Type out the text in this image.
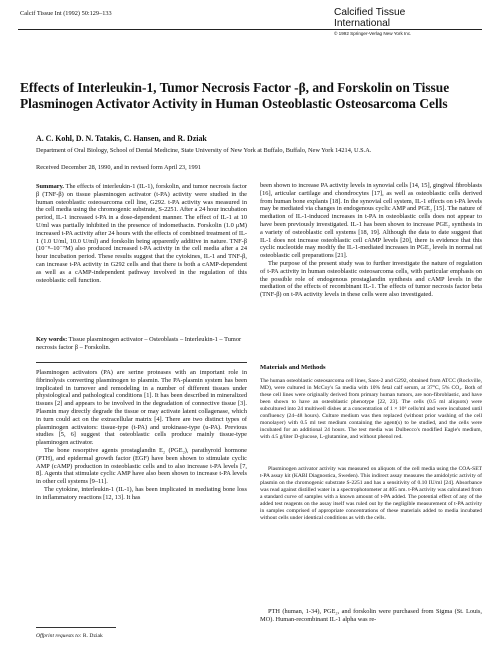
Calcif Tissue Int (1992) 50:129–133	Calcified Tissue
International
© 1992 Springer-Verlag New York Inc.
Effects of Interleukin-1, Tumor Necrosis Factor -β, and Forskolin on Tissue Plasminogen Activator Activity in Human Osteoblastic Osteosarcoma Cells
A. C. Kohl, D. N. Tatakis, C. Hansen, and R. Dziak
Department of Oral Biology, School of Dental Medicine, State University of New York at Buffalo, Buffalo, New York 14214, U.S.A.
Received December 28, 1990, and in revised form April 23, 1991

Summary. The effects of interleukin-1 (IL-1), forskolin, and tumor necrosis factor β (TNF-β) on tissue plasminogen activator (t-PA) activity were studied in the human osteoblastic osteosarcoma cell line, G292. t-PA activity was measured in the cell media using the chromogenic substrate, S-2251. After a 24 hour incubation period, IL-1 increased t-PA in a dose-dependent manner. The effect of IL-1 at 10 U/ml was partially inhibited in the presence of indomethacin. Forskolin (1.0 μM) increased t-PA activity after 24 hours with the effects of combined treatment of IL-1 (1.0 U/ml, 10.0 U/ml) and forskolin being apparently additive in nature. TNF-β (10⁻⁸–10⁻⁷M) also produced increased t-PA activity in the cell media after a 24 hour incubation period. These results suggest that the cytokines, IL-1 and TNF-β, can increase t-PA activity in G292 cells and that there is both a cAMP-dependent as well as a cAMP-independent pathway involved in the regulation of this osteoblastic cell function.

Key words: Tissue plasminogen activator – Osteoblasts – Interleukin-1 – Tumor necrosis factor β – Forskolin.

Plasminogen activators (PA) are serine proteases with an important role in fibrinolysis converting plasminogen to plasmin. The PA-plasmin system has been implicated in turnover and remodeling in a number of different tissues under physiological and pathological conditions [1]. It has been described in mineralized tissues [2] and appears to be involved in the degradation of connective tissue [3]. Plasmin may directly degrade the tissue or may activate latent collagenase, which in turn could act on the extracellular matrix [4]. There are two distinct types of plasminogen activators: tissue-type (t-PA) and urokinase-type (u-PA). Previous studies [5, 6] suggest that osteoblastic cells produce mainly tissue-type plasminogen activator.

The bone resorptive agents prostaglandin E₂ (PGE₂), parathyroid hormone (PTH), and epidermal growth factor (EGF) have been shown to stimulate cyclic AMP (cAMP) production in osteoblastic cells and to also increase t-PA levels [7, 8]. Agents that stimulate cyclic AMP have also been shown to increase t-PA levels in other cell systems [9–11].

The cytokine, interleukin-1 (IL-1), has been implicated in mediating bone loss in inflammatory reactions [12, 13]. It has

been shown to increase PA activity levels in synovial cells [14, 15], gingival fibroblasts [16], articular cartilage and chondrocytes [17], as well as osteoblastic cells derived from human bone explants [18]. In the synovial cell system, IL-1 effects on t-PA levels may be mediated via changes in endogenous cyclic AMP and PGE₂ [15]. The nature of mediation of IL-1-induced increases in t-PA in osteoblastic cells does not appear to have been previously investigated. IL-1 has been shown to increase PGE₂ synthesis in a variety of osteoblastic cell systems [18, 19]. Although the data to date suggest that IL-1 does not increase osteoblastic cell cAMP levels [20], there is evidence that this cyclic nucleotide may modify the IL-1-mediated increases in PGE₂ levels in normal rat osteoblastic cell preparations [21].

The purpose of the present study was to further investigate the nature of regulation of t-PA activity in human osteoblastic osteosarcoma cells, with particular emphasis on the possible role of endogenous prostaglandin synthesis and cAMP levels in the mediation of the effects of recombinant IL-1. The effects of tumor necrosis factor beta (TNF-β) on t-PA activity levels in these cells were also investigated.

Materials and Methods

The human osteoblastic osteosarcoma cell lines, Saos-2 and G292, obtained from ATCC (Rockville, MD), were cultured in McCoy's 5a media with 10% fetal calf serum, at 37°C, 5% CO₂. Both of these cell lines were originally derived from primary human tumors, are non-fibroblastic, and have been shown to have an osteoblastic phenotype [22, 23]. The cells (0.5 ml aliquots) were subcultured into 24 multiwell dishes at a concentration of 1 × 10⁶ cells/ml and were incubated until confluency (24–48 hours). Culture medium was then replaced (without prior washing of the cell monolayer) with 0.5 ml test medium containing the agent(s) to be studied, and the cells were incubated for an additional 24 hours. The test media was Dulbecco's modified Eagle's medium, with 4.5 g/liter D-glucose, L-glutamine, and without phenol red.

Plasminogen activator activity was measured on aliquots of the cell media using the COA-SET t-PA assay kit (KABI Diagnostica, Sweden). This indirect assay measures the amidolytic activity of plasmin on the chromogenic substrate S-2251 and has a sensitivity of 0.10 IU/ml [24]. Absorbance was read against distilled water in a spectrophotometer at 405 nm. t-PA activity was calculated from a standard curve of samples with a known amount of t-PA added. The potential effect of any of the added test reagents on the assay itself was ruled out by the negligible measurement of t-PA activity in samples comprised of appropriate concentrations of these materials added to media incubated without cells under identical conditions as with the cells.

PTH (human, 1-34), PGE₂, and forskolin were purchased from Sigma (St. Louis, MO). Human-recombinant IL-1 alpha was re-

Offprint requests to: R. Dziak
